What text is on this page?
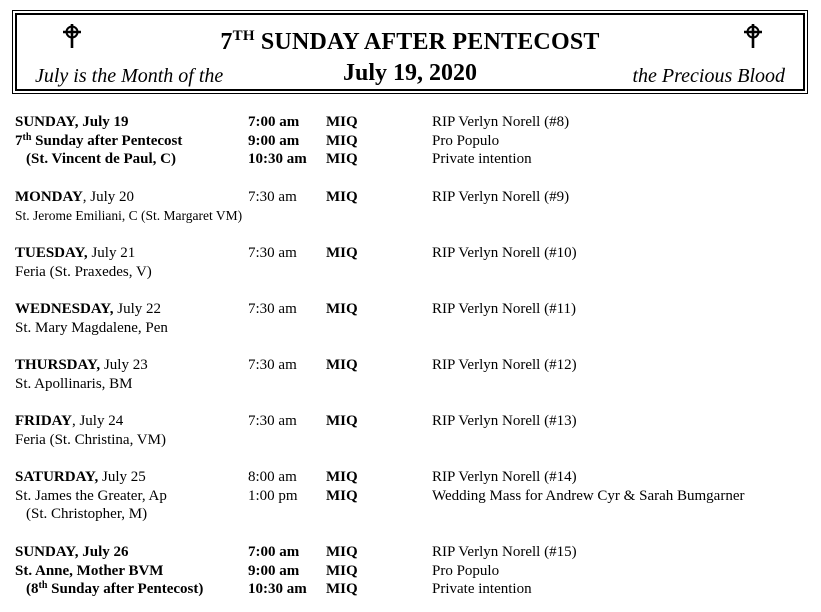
7TH SUNDAY AFTER PENTECOST
July is the Month of the	July 19, 2020	the Precious Blood
SUNDAY, July 19	7:00 am MIQ	RIP Verlyn Norell (#8)
7th Sunday after Pentecost	9:00 am MIQ	Pro Populo
(St. Vincent de Paul, C)	10:30 am MIQ	Private intention
MONDAY, July 20	7:30 am MIQ	RIP Verlyn Norell (#9)
St. Jerome Emiliani, C (St. Margaret VM)
TUESDAY, July 21	7:30 am MIQ	RIP Verlyn Norell (#10)
Feria (St. Praxedes, V)
WEDNESDAY, July 22	7:30 am MIQ	RIP Verlyn Norell (#11)
St. Mary Magdalene, Pen
THURSDAY, July 23	7:30 am MIQ	RIP Verlyn Norell (#12)
St. Apollinaris, BM
FRIDAY, July 24	7:30 am MIQ	RIP Verlyn Norell (#13)
Feria (St. Christina, VM)
SATURDAY, July 25	8:00 am MIQ	RIP Verlyn Norell (#14)
St. James the Greater, Ap	1:00 pm MIQ	Wedding Mass for Andrew Cyr & Sarah Bumgarner
(St. Christopher, M)
SUNDAY, July 26	7:00 am MIQ	RIP Verlyn Norell (#15)
St. Anne, Mother BVM	9:00 am MIQ	Pro Populo
(8th Sunday after Pentecost)	10:30 am MIQ	Private intention
